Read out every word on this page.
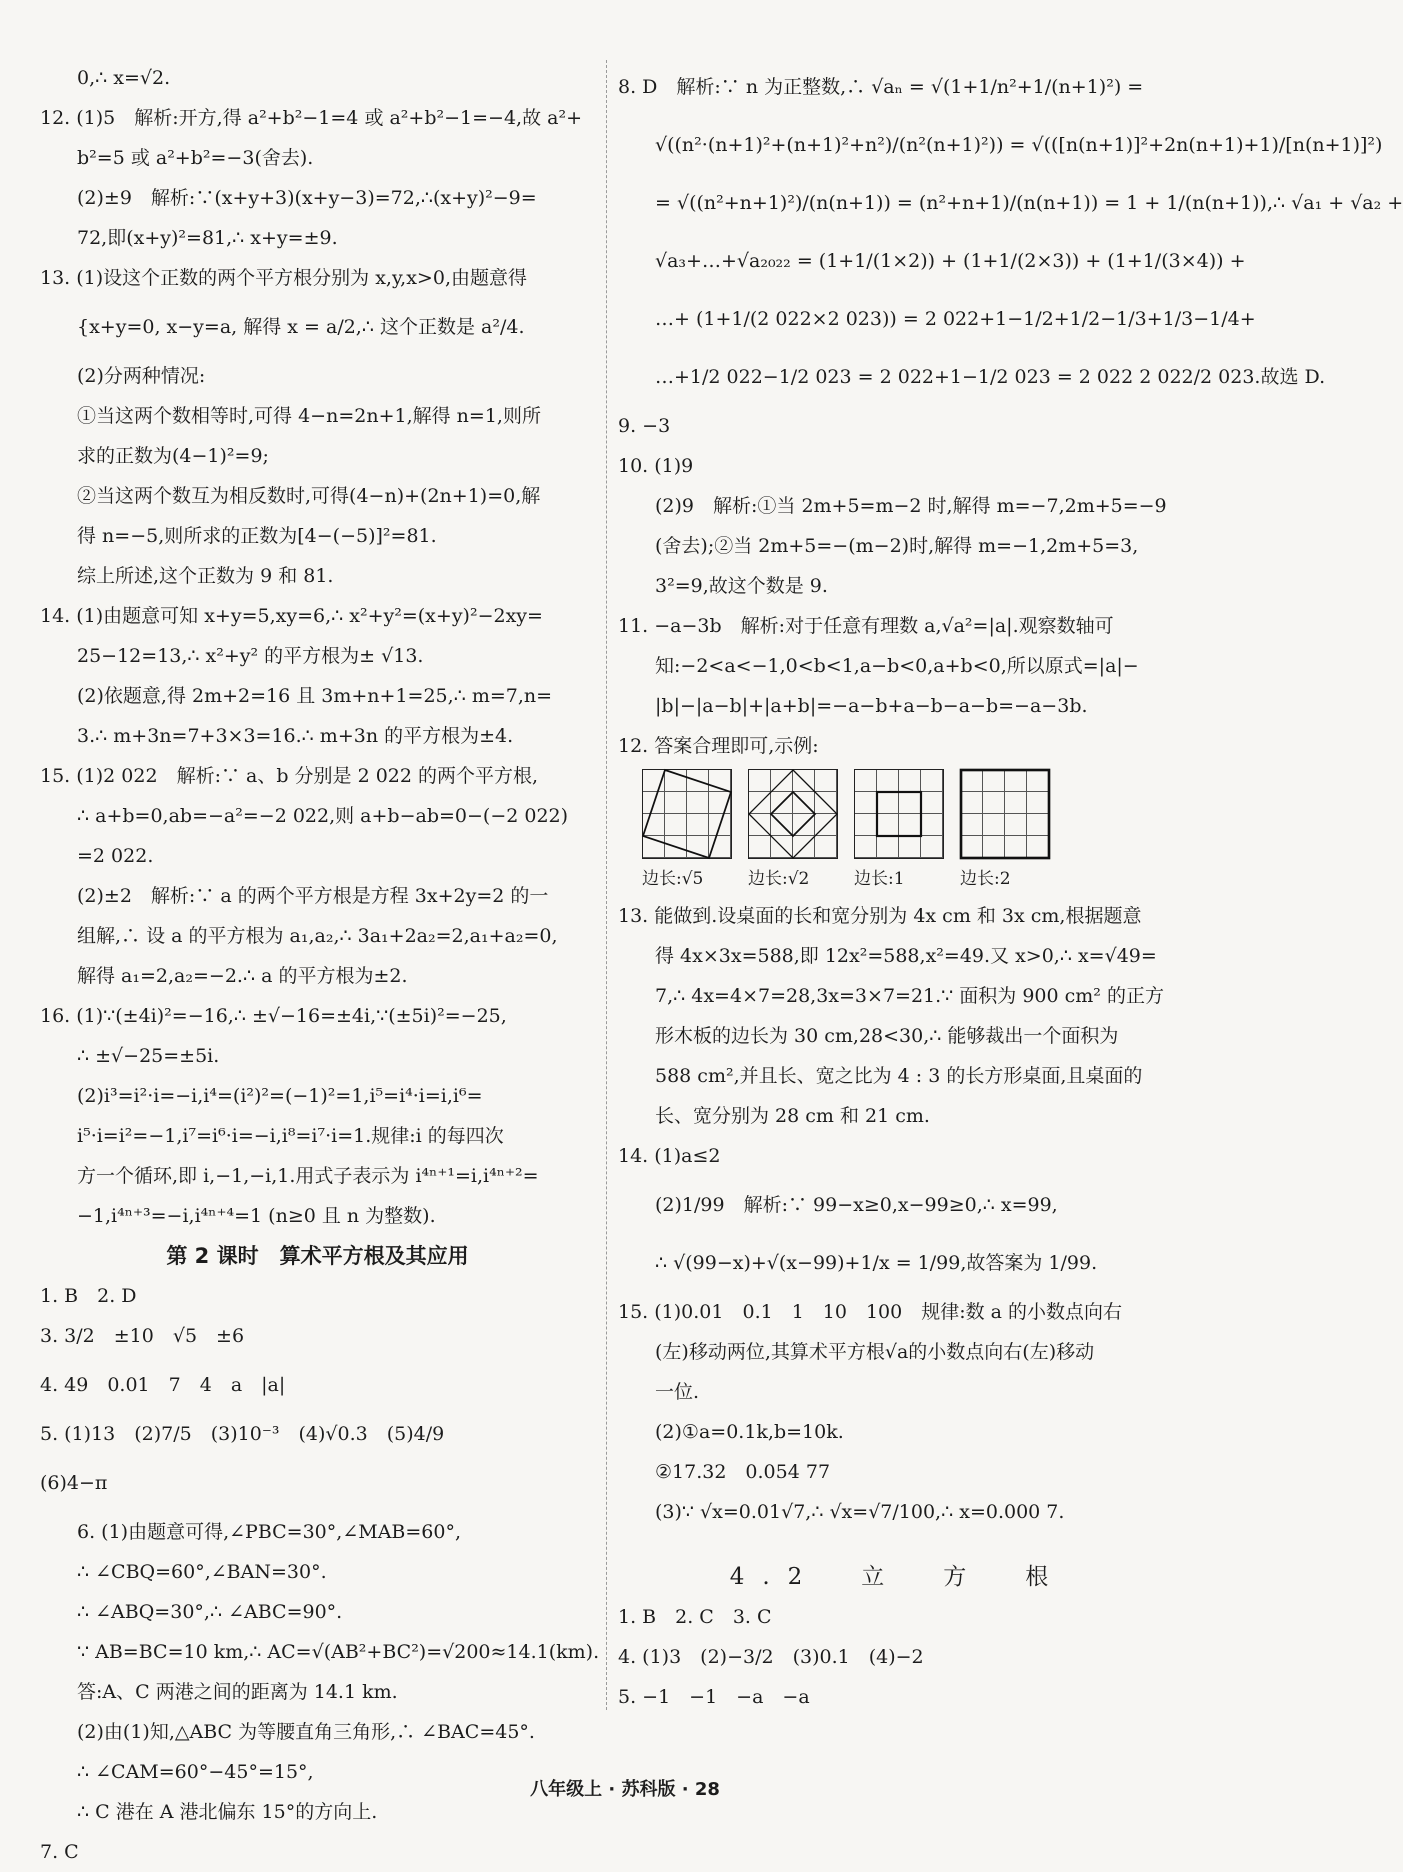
0,∴ x=√2.
12. (1)5　解析:开方,得 a²+b²−1=4 或 a²+b²−1=−4,故 a²+
b²=5 或 a²+b²=−3(舍去).
(2)±9　解析:∵(x+y+3)(x+y−3)=72,∴(x+y)²−9=
72,即(x+y)²=81,∴ x+y=±9.
13. (1)设这个正数的两个平方根分别为 x,y,x>0,由题意得
{x+y=0, x−y=a, 解得 x = a/2,∴ 这个正数是 a²/4.
(2)分两种情况:
①当这两个数相等时,可得 4−n=2n+1,解得 n=1,则所
求的正数为(4−1)²=9;
②当这两个数互为相反数时,可得(4−n)+(2n+1)=0,解
得 n=−5,则所求的正数为[4−(−5)]²=81.
综上所述,这个正数为 9 和 81.
14. (1)由题意可知 x+y=5,xy=6,∴ x²+y²=(x+y)²−2xy=
25−12=13,∴ x²+y² 的平方根为± √13.
(2)依题意,得 2m+2=16 且 3m+n+1=25,∴ m=7,n=
3.∴ m+3n=7+3×3=16.∴ m+3n 的平方根为±4.
15. (1)2 022　解析:∵ a、b 分别是 2 022 的两个平方根,
∴ a+b=0,ab=−a²=−2 022,则 a+b−ab=0−(−2 022)
=2 022.
(2)±2　解析:∵ a 的两个平方根是方程 3x+2y=2 的一
组解,∴ 设 a 的平方根为 a₁,a₂,∴ 3a₁+2a₂=2,a₁+a₂=0,
解得 a₁=2,a₂=−2.∴ a 的平方根为±2.
16. (1)∵(±4i)²=−16,∴ ±√−16=±4i,∵(±5i)²=−25,
∴ ±√−25=±5i.
(2)i³=i²·i=−i,i⁴=(i²)²=(−1)²=1,i⁵=i⁴·i=i,i⁶=
i⁵·i=i²=−1,i⁷=i⁶·i=−i,i⁸=i⁷·i=1.规律:i 的每四次
方一个循环,即 i,−1,−i,1.用式子表示为 i⁴ⁿ⁺¹=i,i⁴ⁿ⁺²=
−1,i⁴ⁿ⁺³=−i,i⁴ⁿ⁺⁴=1 (n≥0 且 n 为整数).
第 2 课时　算术平方根及其应用
1. B　2. D
3. 3/2　±10　√5　±6
4. 49　0.01　7　4　a　|a|
5. (1)13　(2)7/5　(3)10⁻³　(4)√0.3　(5)4/9
(6)4−π
6. (1)由题意可得,∠PBC=30°,∠MAB=60°,
∴ ∠CBQ=60°,∠BAN=30°.
∴ ∠ABQ=30°,∴ ∠ABC=90°.
∵ AB=BC=10 km,∴ AC=√(AB²+BC²)=√200≈14.1(km).
答:A、C 两港之间的距离为 14.1 km.
(2)由(1)知,△ABC 为等腰直角三角形,∴ ∠BAC=45°.
∴ ∠CAM=60°−45°=15°,
∴ C 港在 A 港北偏东 15°的方向上.
7. C
8. D　解析:∵ n 为正整数,∴ √aₙ = √(1+1/n²+1/(n+1)²) =
√((n²·(n+1)²+(n+1)²+n²)/(n²(n+1)²)) = √(([n(n+1)]²+2n(n+1)+1)/[n(n+1)]²)
= √((n²+n+1)²)/(n(n+1)) = (n²+n+1)/(n(n+1)) = 1 + 1/(n(n+1)),∴ √a₁ + √a₂ +
√a₃+…+√a₂₀₂₂ = (1+1/(1×2)) + (1+1/(2×3)) + (1+1/(3×4)) +
…+ (1+1/(2 022×2 023)) = 2 022+1−1/2+1/2−1/3+1/3−1/4+
…+1/2 022−1/2 023 = 2 022+1−1/2 023 = 2 022 2 022/2 023.故选 D.
9. −3
10. (1)9
(2)9　解析:①当 2m+5=m−2 时,解得 m=−7,2m+5=−9
(舍去);②当 2m+5=−(m−2)时,解得 m=−1,2m+5=3,
3²=9,故这个数是 9.
11. −a−3b　解析:对于任意有理数 a,√a²=|a|.观察数轴可
知:−2<a<−1,0<b<1,a−b<0,a+b<0,所以原式=|a|−
|b|−|a−b|+|a+b|=−a−b+a−b−a−b=−a−3b.
12. 答案合理即可,示例:
边长:√5	边长:√2	边长:1	边长:2
13. 能做到.设桌面的长和宽分别为 4x cm 和 3x cm,根据题意
得 4x×3x=588,即 12x²=588,x²=49.又 x>0,∴ x=√49=
7,∴ 4x=4×7=28,3x=3×7=21.∵ 面积为 900 cm² 的正方
形木板的边长为 30 cm,28<30,∴ 能够裁出一个面积为
588 cm²,并且长、宽之比为 4 : 3 的长方形桌面,且桌面的
长、宽分别为 28 cm 和 21 cm.
14. (1)a≤2
(2)1/99　解析:∵ 99−x≥0,x−99≥0,∴ x=99,
∴ √(99−x)+√(x−99)+1/x = 1/99,故答案为 1/99.
15. (1)0.01　0.1　1　10　100　规律:数 a 的小数点向右
(左)移动两位,其算术平方根√a的小数点向右(左)移动
一位.
(2)①a=0.1k,b=10k.
②17.32　0.054 77
(3)∵ √x=0.01√7,∴ √x=√7/100,∴ x=0.000 7.
4.2　立　方　根
1. B　2. C　3. C
4. (1)3　(2)−3/2　(3)0.1　(4)−2
5. −1　−1　−a　−a
八年级上 · 苏科版 · 28
